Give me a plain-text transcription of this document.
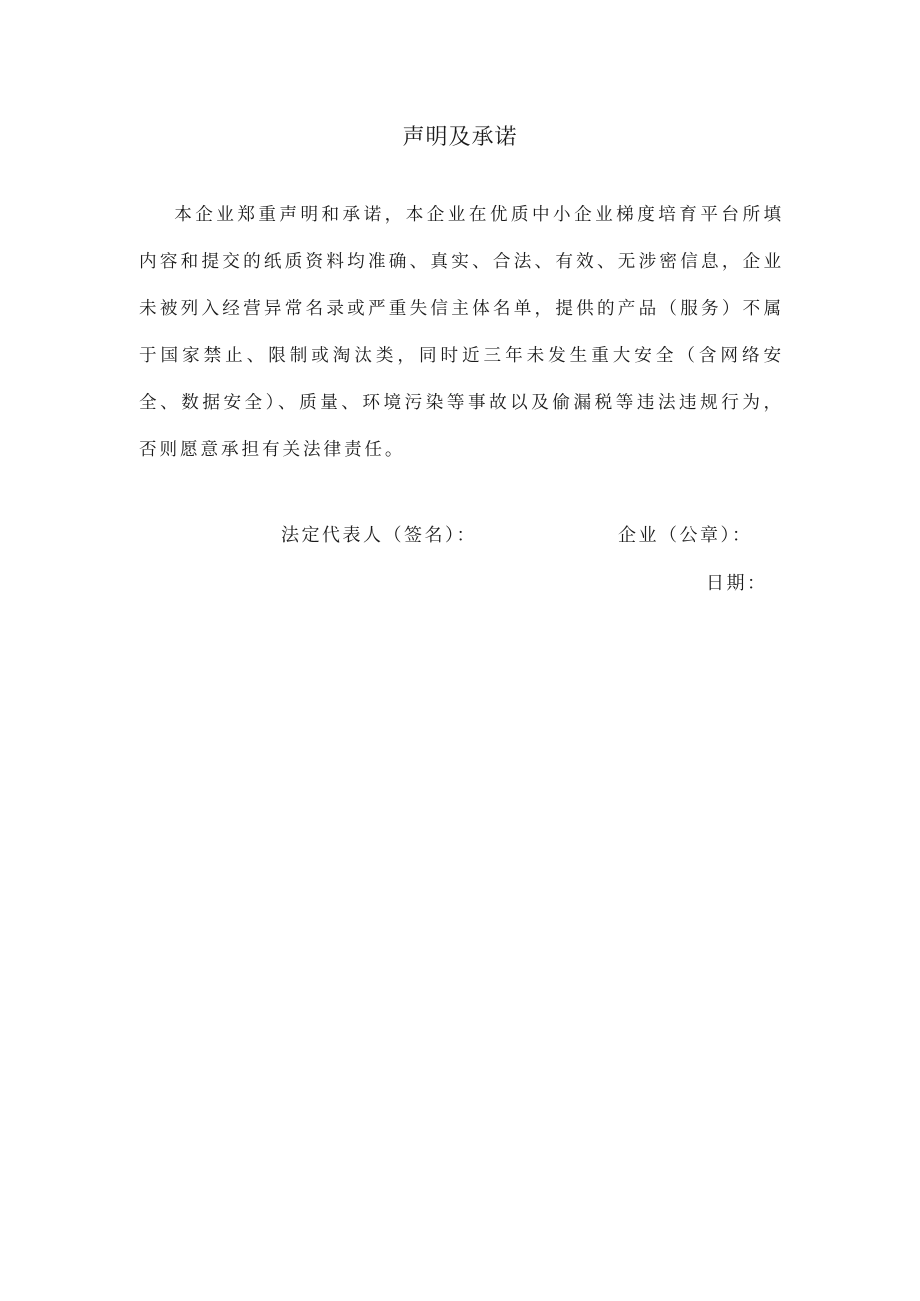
声明及承诺

本企业郑重声明和承诺，本企业在优质中小企业梯度培育平台所填内容和提交的纸质资料均准确、真实、合法、有效、无涉密信息，企业未被列入经营异常名录或严重失信主体名单，提供的产品（服务）不属于国家禁止、限制或淘汰类，同时近三年未发生重大安全（含网络安全、数据安全）、质量、环境污染等事故以及偷漏税等违法违规行为，否则愿意承担有关法律责任。

法定代表人（签名）：	企业（公章）：
日期：
